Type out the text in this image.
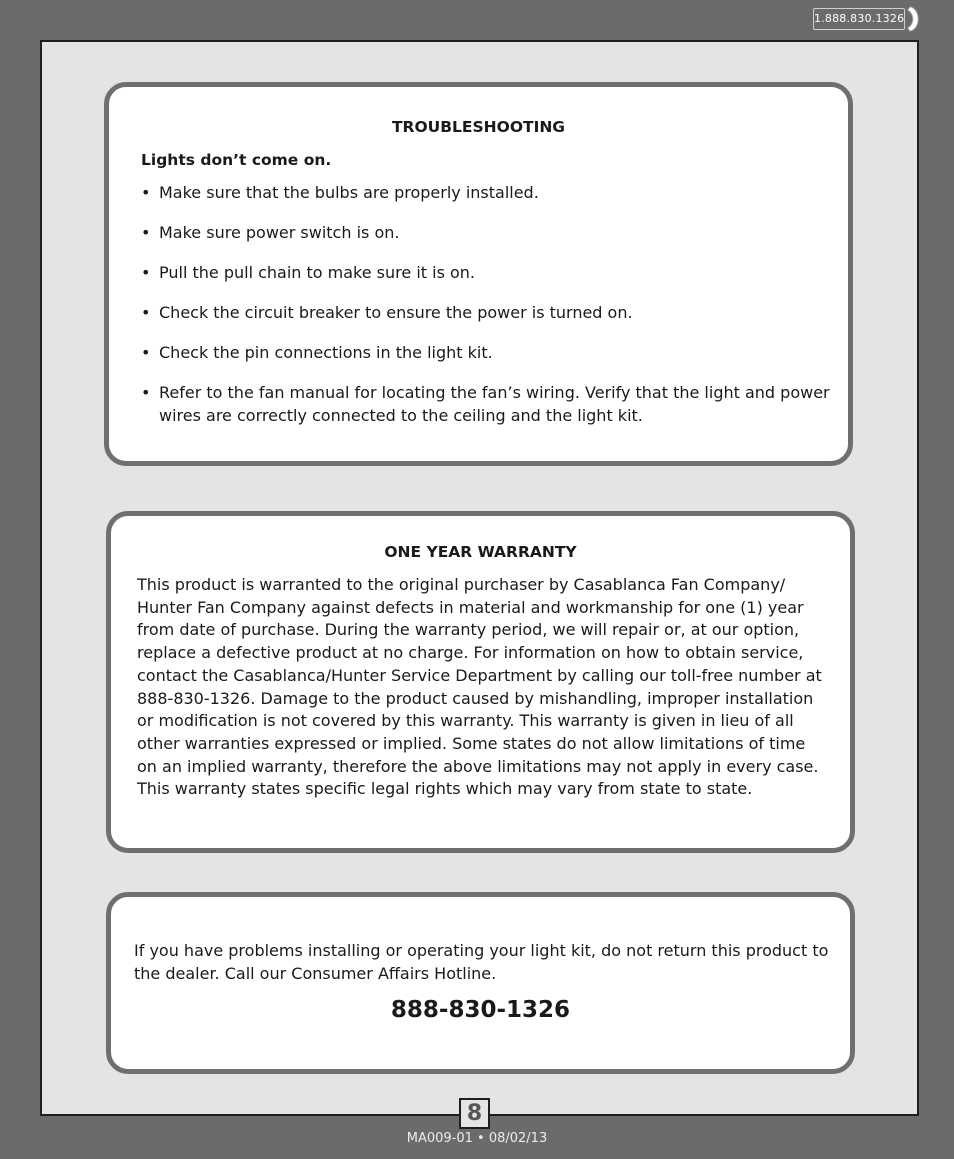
1.888.830.1326
TROUBLESHOOTING
Lights don’t come on.
• Make sure that the bulbs are properly installed.
• Make sure power switch is on.
• Pull the pull chain to make sure it is on.
• Check the circuit breaker to ensure the power is turned on.
• Check the pin connections in the light kit.
• Refer to the fan manual for locating the fan’s wiring. Verify that the light and power wires are correctly connected to the ceiling and the light kit.
ONE YEAR WARRANTY

This product is warranted to the original purchaser by Casablanca Fan Company/ Hunter Fan Company against defects in material and workmanship for one (1) year from date of purchase. During the warranty period, we will repair or, at our option, replace a defective product at no charge. For information on how to obtain service, contact the Casablanca/Hunter Service Department by calling our toll-free number at 888-830-1326. Damage to the product caused by mishandling, improper installation or modification is not covered by this warranty. This warranty is given in lieu of all other warranties expressed or implied. Some states do not allow limitations of time on an implied warranty, therefore the above limitations may not apply in every case. This warranty states specific legal rights which may vary from state to state.

If you have problems installing or operating your light kit, do not return this product to the dealer. Call our Consumer Affairs Hotline.

888-830-1326
8
MA009-01 • 08/02/13
